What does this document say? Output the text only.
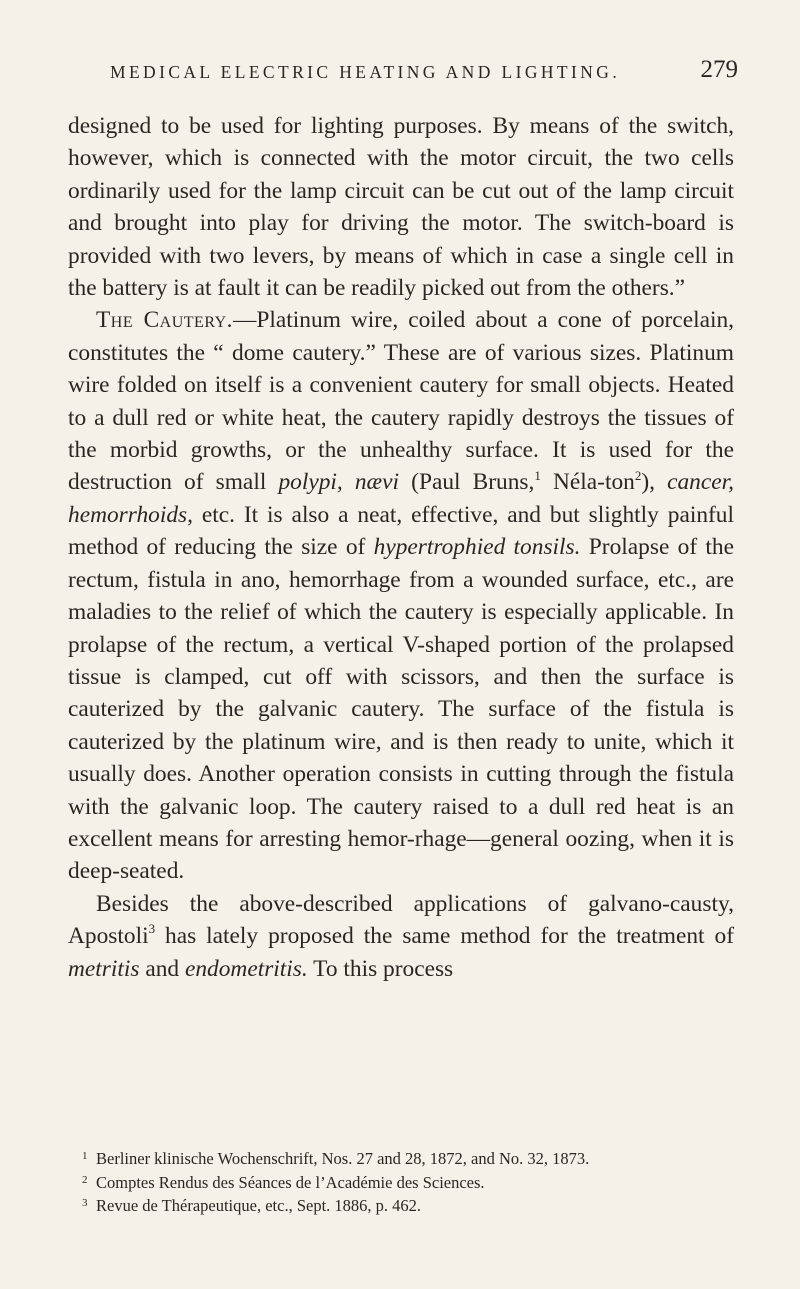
MEDICAL ELECTRIC HEATING AND LIGHTING.	279

designed to be used for lighting purposes. By means of the switch, however, which is connected with the motor circuit, the two cells ordinarily used for the lamp circuit can be cut out of the lamp circuit and brought into play for driving the motor. The switch-board is provided with two levers, by means of which in case a single cell in the battery is at fault it can be readily picked out from the others.”

The Cautery.—Platinum wire, coiled about a cone of porcelain, constitutes the “ dome cautery.” These are of various sizes. Platinum wire folded on itself is a convenient cautery for small objects. Heated to a dull red or white heat, the cautery rapidly destroys the tissues of the morbid growths, or the unhealthy surface. It is used for the destruction of small polypi, nævi (Paul Bruns,$^1$ Néla-ton$^2$), cancer, hemorrhoids, etc. It is also a neat, effective, and but slightly painful method of reducing the size of hypertrophied tonsils. Prolapse of the rectum, fistula in ano, hemorrhage from a wounded surface, etc., are maladies to the relief of which the cautery is especially applicable. In prolapse of the rectum, a vertical V-shaped portion of the prolapsed tissue is clamped, cut off with scissors, and then the surface is cauterized by the galvanic cautery. The surface of the fistula is cauterized by the platinum wire, and is then ready to unite, which it usually does. Another operation consists in cutting through the fistula with the galvanic loop. The cautery raised to a dull red heat is an excellent means for arresting hemor-rhage—general oozing, when it is deep-seated.

Besides the above-described applications of galvano-causty, Apostoli$^3$ has lately proposed the same method for the treatment of metritis and endometritis. To this process

1 Berliner klinische Wochenschrift, Nos. 27 and 28, 1872, and No. 32, 1873.
2 Comptes Rendus des Séances de l’Académie des Sciences.
3 Revue de Thérapeutique, etc., Sept. 1886, p. 462.
